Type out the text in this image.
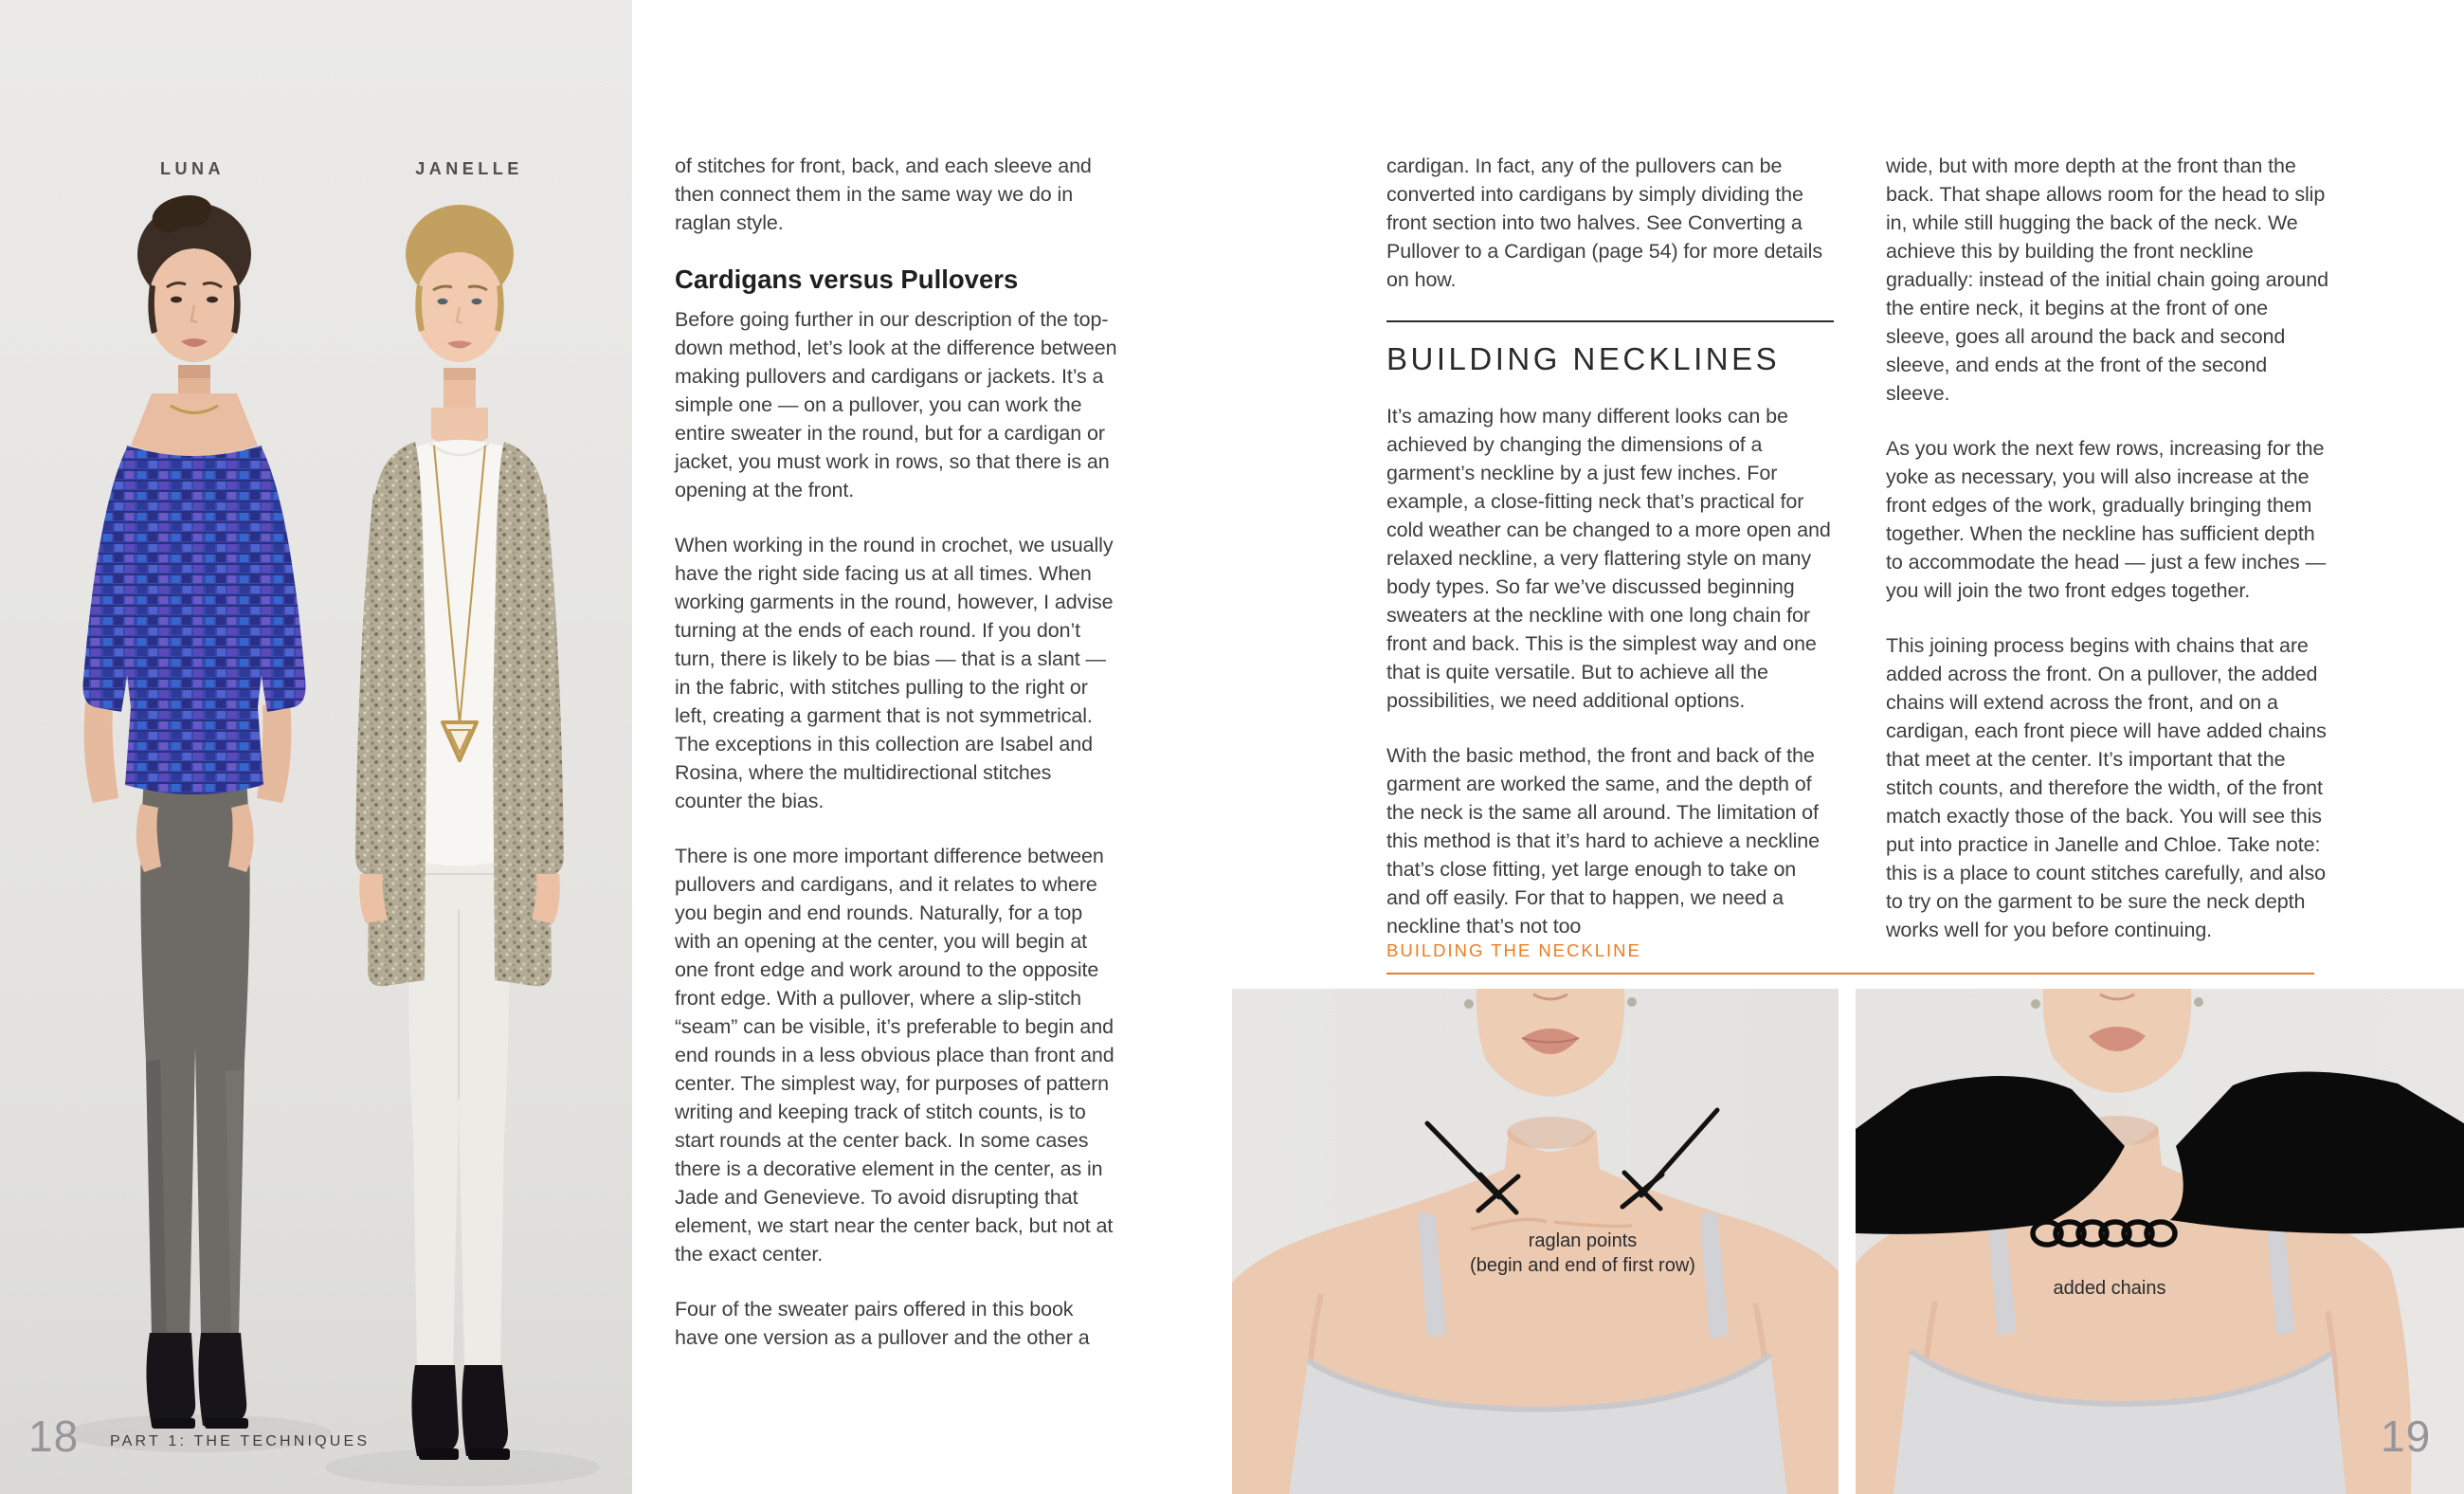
LUNA	JANELLE
18 PART 1: THE TECHNIQUES

of stitches for front, back, and each sleeve and then connect them in the same way we do in raglan style.

Cardigans versus Pullovers

Before going further in our description of the top-down method, let’s look at the difference between making pullovers and cardigans or jackets. It’s a simple one — on a pullover, you can work the entire sweater in the round, but for a cardigan or jacket, you must work in rows, so that there is an opening at the front.

When working in the round in crochet, we usually have the right side facing us at all times. When working garments in the round, however, I advise turning at the ends of each round. If you don’t turn, there is likely to be bias — that is a slant — in the fabric, with stitches pulling to the right or left, creating a garment that is not symmetrical. The exceptions in this collection are Isabel and Rosina, where the multidirectional stitches counter the bias.

There is one more important difference between pullovers and cardigans, and it relates to where you begin and end rounds. Naturally, for a top with an opening at the center, you will begin at one front edge and work around to the opposite front edge. With a pullover, where a slip-stitch “seam” can be visible, it’s preferable to begin and end rounds in a less obvious place than front and center. The simplest way, for purposes of pattern writing and keeping track of stitch counts, is to start rounds at the center back. In some cases there is a decorative element in the center, as in Jade and Genevieve. To avoid disrupting that element, we start near the center back, but not at the exact center.

Four of the sweater pairs offered in this book have one version as a pullover and the other a

cardigan. In fact, any of the pullovers can be converted into cardigans by simply dividing the front section into two halves. See Converting a Pullover to a Cardigan (page 54) for more details on how.

BUILDING NECKLINES

It’s amazing how many different looks can be achieved by changing the dimensions of a garment’s neckline by a just few inches. For example, a close-fitting neck that’s practical for cold weather can be changed to a more open and relaxed neckline, a very flattering style on many body types. So far we’ve discussed beginning sweaters at the neckline with one long chain for front and back. This is the simplest way and one that is quite versatile. But to achieve all the possibilities, we need additional options.

With the basic method, the front and back of the garment are worked the same, and the depth of the neck is the same all around. The limitation of this method is that it’s hard to achieve a neckline that’s close fitting, yet large enough to take on and off easily. For that to happen, we need a neckline that’s not too

wide, but with more depth at the front than the back. That shape allows room for the head to slip in, while still hugging the back of the neck. We achieve this by building the front neckline gradually: instead of the initial chain going around the entire neck, it begins at the front of one sleeve, goes all around the back and second sleeve, and ends at the front of the second sleeve.

As you work the next few rows, increasing for the yoke as necessary, you will also increase at the front edges of the work, gradually bringing them together. When the neckline has sufficient depth to accommodate the head — just a few inches — you will join the two front edges together.

This joining process begins with chains that are added across the front. On a pullover, the added chains will extend across the front, and on a cardigan, each front piece will have added chains that meet at the center. It’s important that the stitch counts, and therefore the width, of the front match exactly those of the back. You will see this put into practice in Janelle and Chloe. Take note: this is a place to count stitches carefully, and also to try on the garment to be sure the neck depth works well for you before continuing.

BUILDING THE NECKLINE
raglan points
(begin and end of first row)
added chains
19
